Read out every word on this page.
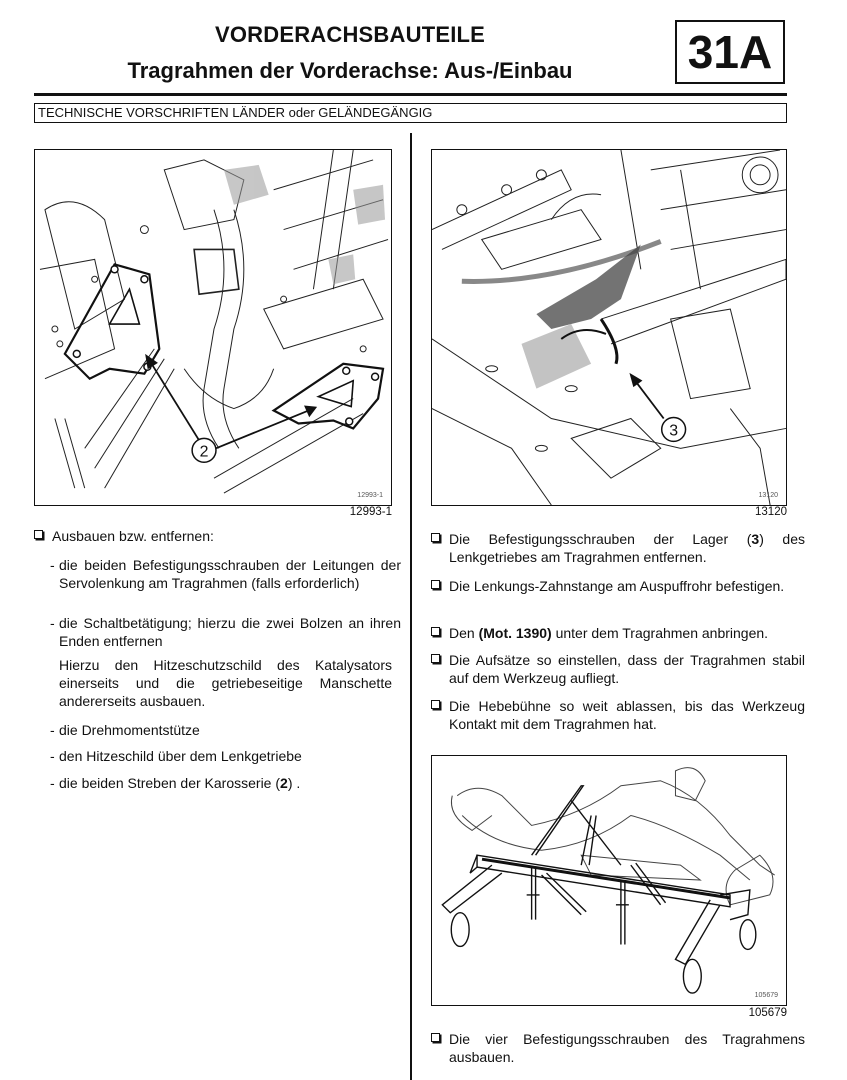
VORDERACHSBAUTEILE
Tragrahmen der Vorderachse: Aus-/Einbau	31A
TECHNISCHE VORSCHRIFTEN LÄNDER oder GELÄNDEGÄNGIG
2
12993-1
12993-1
Ausbauen bzw. entfernen:
- die beiden Befestigungsschrauben der Leitungen der Servolenkung am Tragrahmen (falls erforderlich)
- die Schaltbetätigung; hierzu die zwei Bolzen an ihren Enden entfernen
Hierzu den Hitzeschutzschild des Katalysators einerseits und die getriebeseitige Manschette andererseits ausbauen.
- die Drehmomentstütze
- den Hitzeschild über dem Lenkgetriebe
- die beiden Streben der Karosserie (2) .
3
13120
13120
Die Befestigungsschrauben der Lager (3) des Lenkgetriebes am Tragrahmen entfernen.
Die Lenkungs-Zahnstange am Auspuffrohr befestigen.
Den (Mot. 1390) unter dem Tragrahmen anbringen.
Die Aufsätze so einstellen, dass der Tragrahmen stabil auf dem Werkzeug aufliegt.
Die Hebebühne so weit ablassen, bis das Werkzeug Kontakt mit dem Tragrahmen hat.
105679
105679
Die vier Befestigungsschrauben des Tragrahmens ausbauen.
